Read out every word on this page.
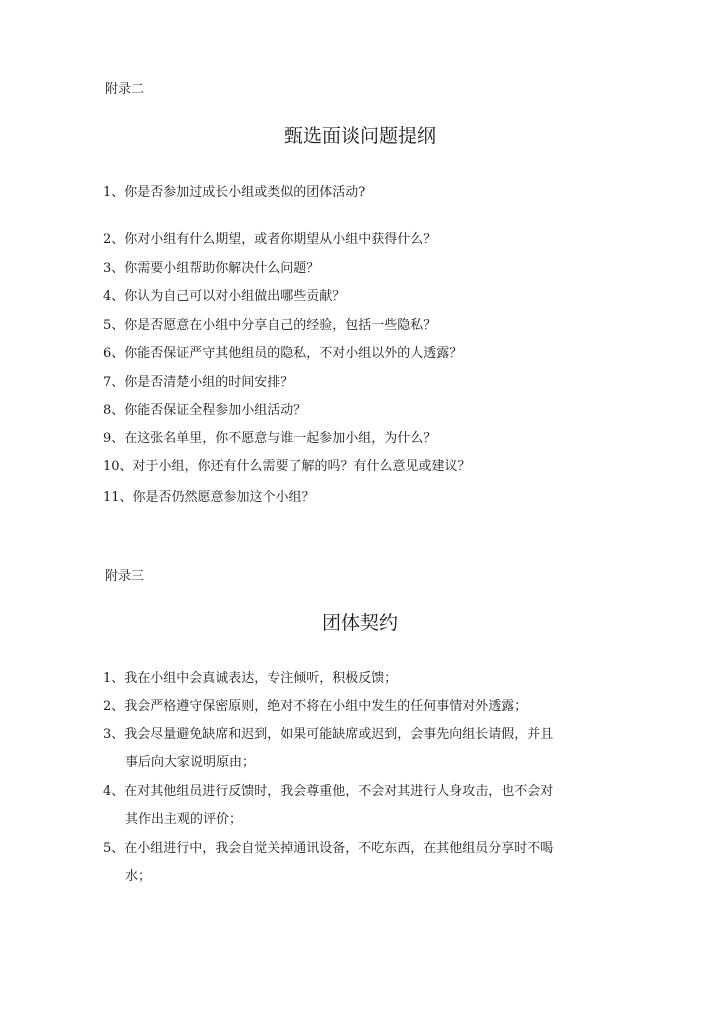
附录二
甄选面谈问题提纲
1、你是否参加过成长小组或类似的团体活动?
2、你对小组有什么期望，或者你期望从小组中获得什么？
3、你需要小组帮助你解决什么问题？
4、你认为自己可以对小组做出哪些贡献？
5、你是否愿意在小组中分享自己的经验，包括一些隐私？
6、你能否保证严守其他组员的隐私，不对小组以外的人透露？
7、你是否清楚小组的时间安排？
8、你能否保证全程参加小组活动？
9、在这张名单里，你不愿意与谁一起参加小组，为什么？
10、对于小组，你还有什么需要了解的吗？有什么意见或建议？
11、你是否仍然愿意参加这个小组？
附录三
团体契约
1、我在小组中会真诚表达，专注倾听，积极反馈；
2、我会严格遵守保密原则，绝对不将在小组中发生的任何事情对外透露；
3、我会尽量避免缺席和迟到，如果可能缺席或迟到，会事先向组长请假，并且
事后向大家说明原由；
4、在对其他组员进行反馈时，我会尊重他，不会对其进行人身攻击，也不会对
其作出主观的评价；
5、在小组进行中，我会自觉关掉通讯设备，不吃东西，在其他组员分享时不喝
水；
